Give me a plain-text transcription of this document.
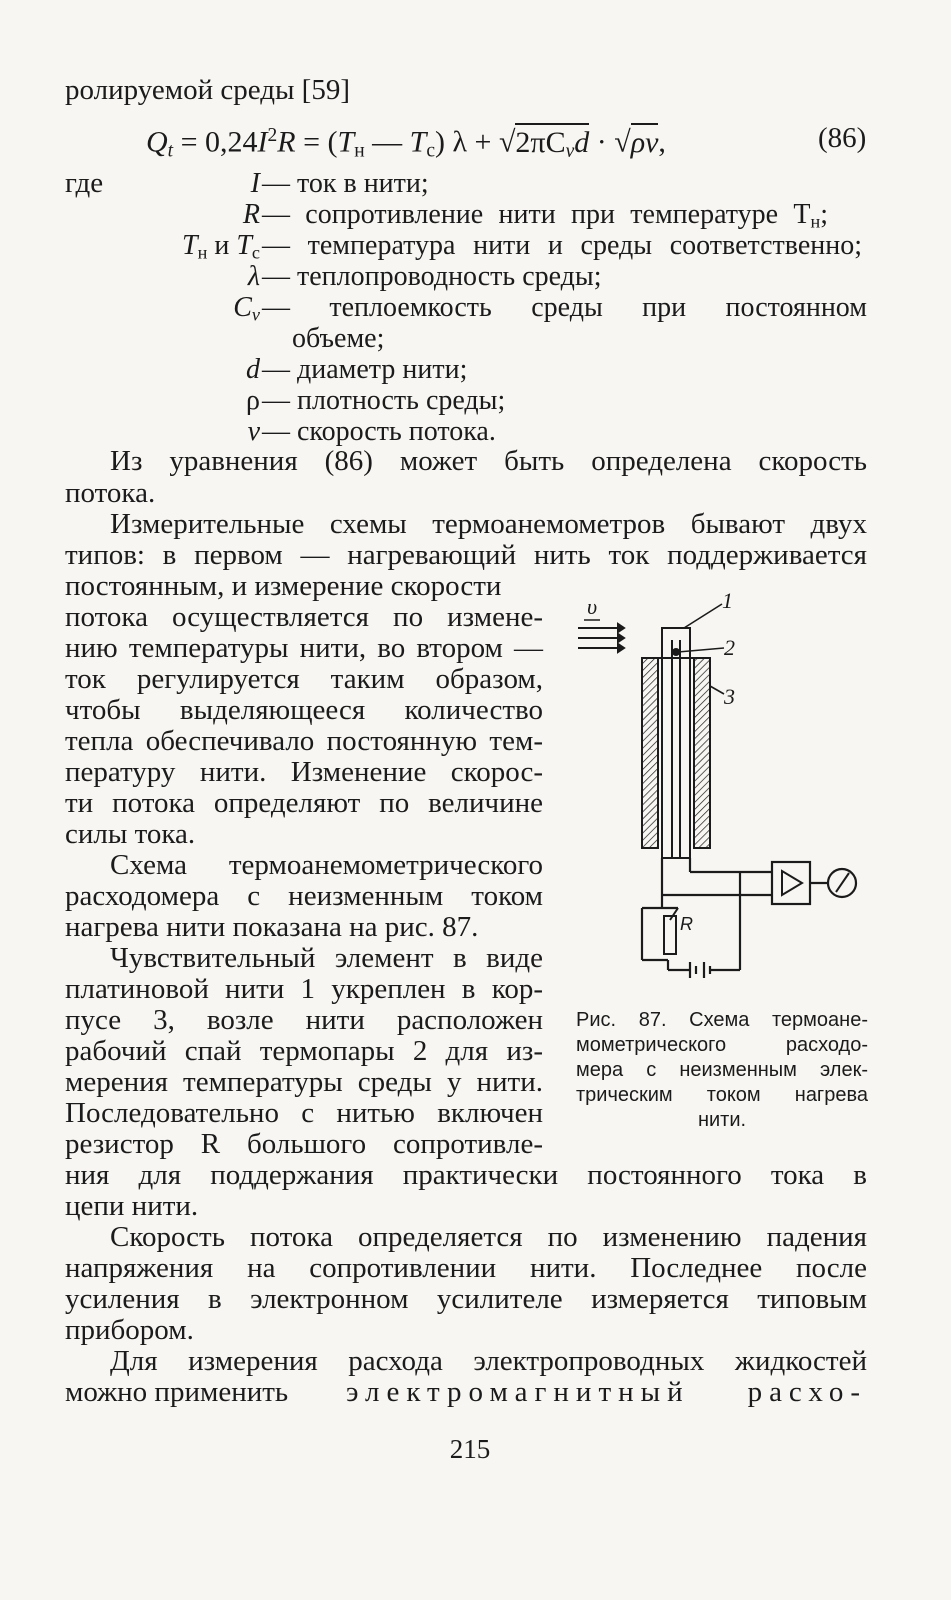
ролируемой среды [59]
$Q_t = 0,24I^2R = (T_н$ — $T_с$) $\lambda + √2\pi C_vd \cdot √\rho v$,	(86)
где	I — ток в нити;
R — сопротивление нити при температуре $T_н$;
$T_н$ и $T_с$ — температура нити и среды соответственно;
λ — теплопроводность среды;
$C_v$ — теплоемкость среды при постоянном
объеме;
d — диаметр нити;
ρ — плотность среды;
v — скорость потока.
Из уравнения (86) может быть определена скорость
потока.
Измерительные схемы термоанемометров бывают двух
типов: в первом — нагревающий нить ток поддерживается
постоянным, и измерение скорости
потока осуществляется по измене-
нию температуры нити, во втором —
ток регулируется таким образом,
чтобы выделяющееся количество
тепла обеспечивало постоянную тем-
пературу нити. Изменение скорос-
ти потока определяют по величине
силы тока.
Схема термоанемометрического
расходомера с неизменным током
нагрева нити показана на рис. 87.
Чувствительный элемент в виде
платиновой нити 1 укреплен в кор-
пусе 3, возле нити расположен
рабочий спай термопары 2 для из-
мерения температуры среды у нити.
Последовательно с нитью включен
резистор R большого сопротивле-
ния для поддержания практически постоянного тока в
цепи нити.
Скорость потока определяется по изменению падения
напряжения на сопротивлении нити. Последнее после
усиления в электронном усилителе измеряется типовым
прибором.
Для измерения расхода электропроводных жидкостей
можно применить электромагнитный расхо-
υ	1
2
3
R
Рис. 87. Схема термоане-
мометрического расходо-
мера с неизменным элек-
трическим током нагрева
нити.
215
